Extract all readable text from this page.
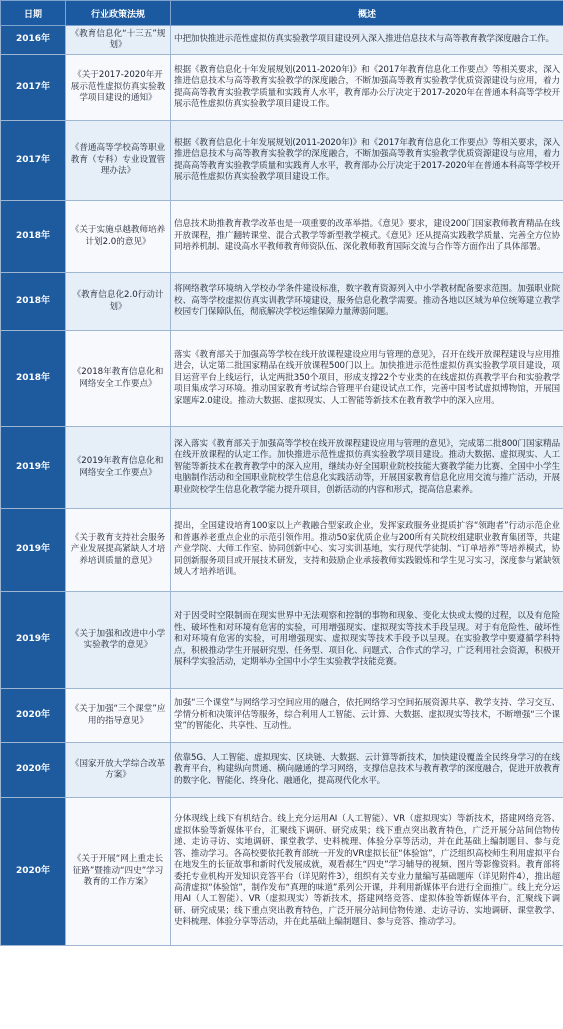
日期	行业政策法规	概述
2016年	《教育信息化“十三五”规划》	中把加快推进示范性虚拟仿真实验教学项目建设列入深入推进信息技术与高等教育教学深度融合工作。
2017年	《关于2017-2020年开展示范性虚拟仿真实验教学项目建设的通知》	根据《教育信息化十年发展规划(2011-2020年)》和《2017年教育信息化工作要点》等相关要求，深入推进信息技术与高等教育实验教学的深度融合，不断加强高等教育实验教学优质资源建设与应用，着力提高高等教育实验教学质量和实践育人水平，教育部办公厅决定于2017-2020年在普通本科高等学校开展示范性虚拟仿真实验教学项目建设工作。
2017年	《普通高等学校高等职业教育（专科）专业设置管理办法》	根据《教育信息化十年发展规划(2011-2020年)》和《2017年教育信息化工作要点》等相关要求，深入推进信息技术与高等教育实验教学的深度融合，不断加强高等教育实验教学优质资源建设与应用，着力提高高等教育实验教学质量和实践育人水平，教育部办公厅决定于2017-2020年在普通本科高等学校开展示范性虚拟仿真实验教学项目建设工作。
2018年	《关于实施卓越教师培养计划2.0的意见》	信息技术助推教育教学改革也是一项重要的改革举措。《意见》要求，建设200门国家教师教育精品在线开放课程，推广翻转课堂、混合式教学等新型教学模式。《意见》还从提高实践教学质量、完善全方位协同培养机制、建设高水平教师教育师资队伍、深化教师教育国际交流与合作等方面作出了具体部署。
2018年	《教育信息化2.0行动计划》	将网络教学环境纳入学校办学条件建设标准，数字教育资源列入中小学教材配备要求范围。加强职业院校、高等学校虚拟仿真实训教学环境建设，服务信息化教学需要。推动各地以区域为单位统筹建立教学校园专门保障队伍，彻底解决学校运维保障力量薄弱问题。
2018年	《2018年教育信息化和网络安全工作要点》	落实《教育部关于加强高等学校在线开放课程建设应用与管理的意见》，召开在线开放课程建设与应用推进会，认定第二批国家精品在线开放课程500门以上。加快推进示范性虚拟仿真实验教学项目建设，项目运营平台上线运行，认定两批350个项目，形成支撑22个专业类的在线虚拟仿真教学平台和实验教学项目集成学习环境。推动国家教育考试综合管理平台建设试点工作，完善中国考试虚拟博物馆，开展国家题库2.0建设。推动大数据、虚拟现实、人工智能等新技术在教育教学中的深入应用。
2019年	《2019年教育信息化和网络安全工作要点》	深入落实《教育部关于加强高等学校在线开放课程建设应用与管理的意见》，完成第二批800门国家精品在线开放课程的认定工作。加快推进示范性虚拟仿真实验教学项目建设。推动大数据、虚拟现实、人工智能等新技术在教育教学中的深入应用，继续办好全国职业院校技能大赛教学能力比赛、全国中小学生电脑制作活动和全国职业院校学生信息化实践活动等，开展国家教育信息化应用交流与推广活动，开展职业院校学生信息化教学能力提升项目，创新活动的内容和形式，提高信息素养。
2019年	《关于教育支持社会服务产业发展提高紧缺人才培养培训质量的意见》	提出，全国建设培育100家以上产教融合型家政企业，发挥家政服务业提质扩容“领跑者”行动示范企业和普惠养老重点企业的示范引领作用。推动50家优质企业与200所有关院校组建职业教育集团等，共建产业学院、大师工作室、协同创新中心、实习实训基地，实行现代学徒制、“订单培养”等培养模式，协同创新服务项目或开展技术研发，支持和鼓励企业承接教师实践锻炼和学生见习实习，深度参与紧缺领域人才培养培训。
2019年	《关于加强和改进中小学实验教学的意见》	对于因受时空限制而在现实世界中无法观察和控制的事物和现象、变化太快或太慢的过程，以及有危险性、破坏性和对环境有危害的实验，可用增强现实、虚拟现实等技术手段呈现。对于有危险性、破坏性和对环境有危害的实验，可用增强现实、虚拟现实等技术手段予以呈现。在实验教学中要遵循学科特点，积极推动学生开展研究型、任务型、项目化、问题式、合作式的学习，广泛利用社会资源，积极开展科学实验活动，定期举办全国中小学生实验教学技能竞赛。
2020年	《关于加强“三个课堂”应用的指导意见》	加强“三个课堂”与网络学习空间应用的融合，依托网络学习空间拓展资源共享、教学支持、学习交互、学情分析和决策评估等服务，综合利用人工智能、云计算、大数据、虚拟现实等技术，不断增强“三个课堂”的智能化、共享性、互动性。
2020年	《国家开放大学综合改革方案》	依靠5G、人工智能、虚拟现实、区块链、大数据、云计算等新技术，加快建设覆盖全民终身学习的在线教育平台，构建纵向贯通、横向融通的学习网络，支撑信息技术与教育教学的深度融合，促进开放教育的数字化、智能化、终身化、融通化，提高现代化水平。
2020年	《关于开展“网上重走长征路”暨推动“四史”学习教育的工作方案》	分体现线上线下有机结合。线上充分运用AI（人工智能）、VR（虚拟现实）等新技术，搭建网络竞答、虚拟体验等新媒体平台，汇聚线下调研、研究成果；线下重点突出教育特色，广泛开展分站间信物传递、走访寻访、实地调研、课堂教学、史料梳理、体验分享等活动，并在此基础上编制题目、参与竞答、推动学习。各高校要依托教育部统一开发的VR虚拟长征“体验馆”，广泛组织高校师生利用虚拟平台在地发生的长征故事和新时代发展成就，观看郝生“四史”学习辅导的视频、图片等影像资料。教育部将委托专业机构开发知识竞答平台（详见附件3），组织有关专业力量编写基础题库（详见附件4），推出超高清虚拟“体验馆”，制作发布“真理的味道”系列公开课，并利用新媒体平台进行全面推广。线上充分运用AI（人工智能）、VR（虚拟现实）等新技术，搭建网络竞答、虚拟体验等新媒体平台，汇聚线下调研、研究成果；线下重点突出教育特色，广泛开展分站间信物传递、走访寻访、实地调研、课堂教学、史料梳理、体验分享等活动，并在此基础上编制题目、参与竞答、推动学习。
